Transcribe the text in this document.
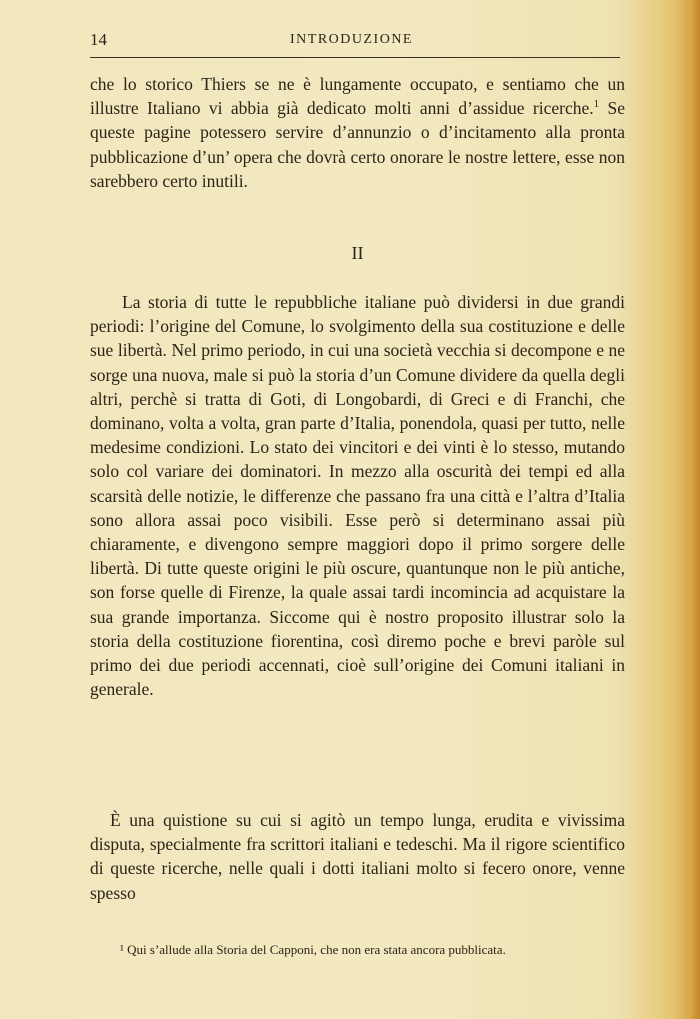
14	INTRODUZIONE
che lo storico Thiers se ne è lungamente occupato, e sentiamo che un illustre Italiano vi abbia già dedicato molti anni d’assidue ricerche.$^1$ Se queste pagine potessero servire d’annunzio o d’incitamento alla pronta pubblicazione d’un’ opera che dovrà certo onorare le nostre lettere, esse non sarebbero certo inutili.
II
La storia di tutte le repubbliche italiane può dividersi in due grandi periodi: l’origine del Comune, lo svolgimento della sua costituzione e delle sue libertà. Nel primo periodo, in cui una società vecchia si decompone e ne sorge una nuova, male si può la storia d’un Comune dividere da quella degli altri, perchè si tratta di Goti, di Longobardi, di Greci e di Franchi, che dominano, volta a volta, gran parte d’Italia, ponendola, quasi per tutto, nelle medesime condizioni. Lo stato dei vincitori e dei vinti è lo stesso, mutando solo col variare dei dominatori. In mezzo alla oscurità dei tempi ed alla scarsità delle notizie, le differenze che passano fra una città e l’altra d’Italia sono allora assai poco visibili. Esse però si determinano assai più chiaramente, e divengono sempre maggiori dopo il primo sorgere delle libertà. Di tutte queste origini le più oscure, quantunque non le più antiche, son forse quelle di Firenze, la quale assai tardi incomincia ad acquistare la sua grande importanza. Siccome qui è nostro proposito illustrar solo la storia della costituzione fiorentina, così diremo poche e brevi paròle sul primo dei due periodi accennati, cioè sull’origine dei Comuni italiani in generale.
È una quistione su cui si agitò un tempo lunga, erudita e vivissima disputa, specialmente fra scrittori italiani e tedeschi. Ma il rigore scientifico di queste ricerche, nelle quali i dotti italiani molto si fecero onore, venne spesso
¹ Qui s’allude alla Storia del Capponi, che non era stata ancora pubblicata.
